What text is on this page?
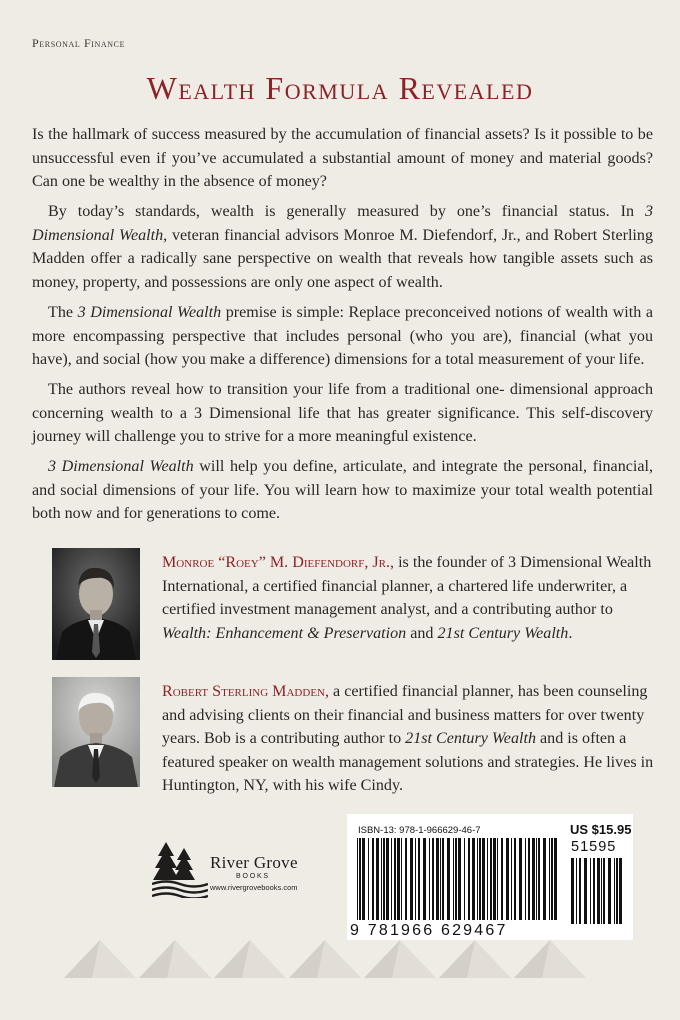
Personal Finance
Wealth Formula Revealed

Is the hallmark of success measured by the accumulation of financial assets? Is it possible to be unsuccessful even if you’ve accumulated a substantial amount of money and material goods? Can one be wealthy in the absence of money?

By today’s standards, wealth is generally measured by one’s financial status. In 3 Dimensional Wealth, veteran financial advisors Monroe M. Diefendorf, Jr., and Robert Sterling Madden offer a radically sane perspective on wealth that reveals how tangible assets such as money, property, and possessions are only one aspect of wealth.

The 3 Dimensional Wealth premise is simple: Replace preconceived notions of wealth with a more encompassing perspective that includes personal (who you are), financial (what you have), and social (how you make a difference) dimensions for a total measurement of your life.

The authors reveal how to transition your life from a traditional one- dimensional approach concerning wealth to a 3 Dimensional life that has greater significance. This self-discovery journey will challenge you to strive for a more meaningful existence.

3 Dimensional Wealth will help you define, articulate, and integrate the personal, financial, and social dimensions of your life. You will learn how to maximize your total wealth potential both now and for generations to come.

Monroe “Roey” M. Diefendorf, Jr., is the founder of 3 Dimensional Wealth International, a certified financial planner, a chartered life underwriter, a certified investment management analyst, and a contributing author to Wealth: Enhancement & Preservation and 21st Century Wealth.
Robert Sterling Madden, a certified financial planner, has been counseling and advising clients on their financial and business matters for over twenty years. Bob is a contributing author to 21st Century Wealth and is often a featured speaker on wealth management solutions and strategies. He lives in Huntington, NY, with his wife Cindy.
River Grove
BOOKS
www.rivergrovebooks.com
ISBN-13: 978-1-966629-46-7	US $15.95
51595
9 781966 629467
